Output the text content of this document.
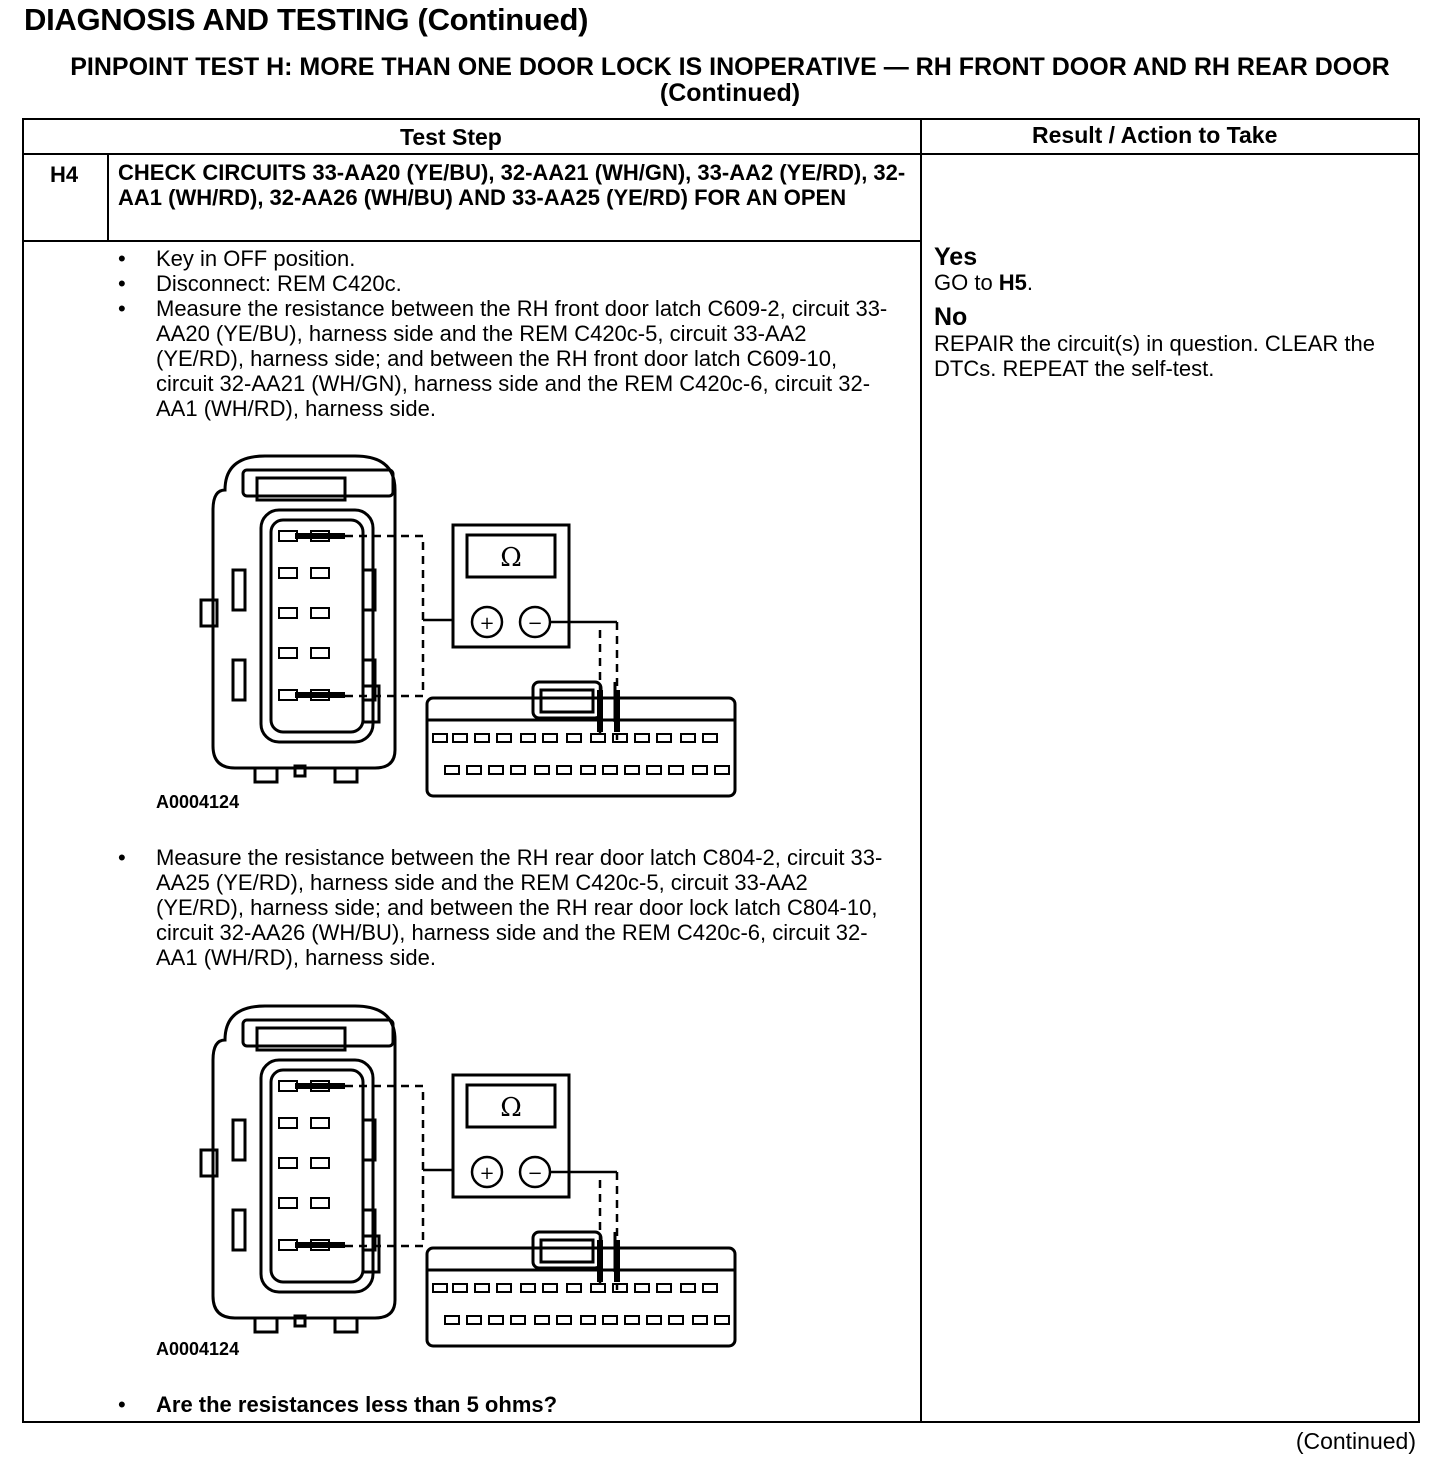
DIAGNOSIS AND TESTING (Continued)
PINPOINT TEST H: MORE THAN ONE DOOR LOCK IS INOPERATIVE — RH FRONT DOOR AND RH REAR DOOR (Continued)
Test Step	Result / Action to Take
H4 CHECK CIRCUITS 33-AA20 (YE/BU), 32-AA21 (WH/GN), 33-AA2 (YE/RD), 32-AA1 (WH/RD), 32-AA26 (WH/BU) AND 33-AA25 (YE/RD) FOR AN OPEN

• Key in OFF position.
• Disconnect: REM C420c.
• Measure the resistance between the RH front door latch C609-2, circuit 33-AA20 (YE/BU), harness side and the REM C420c-5, circuit 33-AA2 (YE/RD), harness side; and between the RH front door latch C609-10, circuit 32-AA21 (WH/GN), harness side and the REM C420c-6, circuit 32-AA1 (WH/RD), harness side.
Ω
+ −
A0004124
• Measure the resistance between the RH rear door latch C804-2, circuit 33-AA25 (YE/RD), harness side and the REM C420c-5, circuit 33-AA2 (YE/RD), harness side; and between the RH rear door lock latch C804-10, circuit 32-AA26 (WH/BU), harness side and the REM C420c-6, circuit 32-AA1 (WH/RD), harness side.
Ω
+ −
A0004124
• Are the resistances less than 5 ohms?
Yes

GO to H5.

No

REPAIR the circuit(s) in question. CLEAR the DTCs. REPEAT the self-test.

(Continued)
